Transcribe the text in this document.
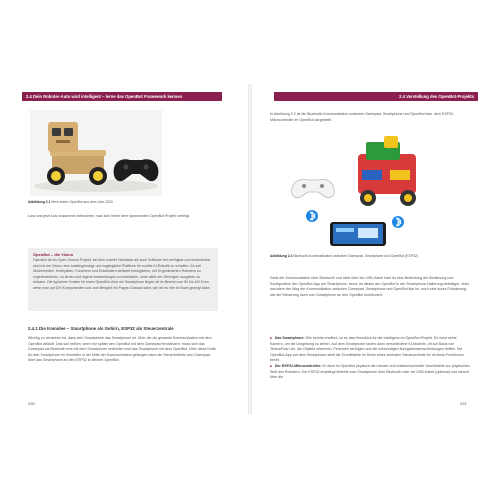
2.4 Dein Roboter-Auto wird intelligent – lerne das OpenBot Framework kennen
Abbildung 2.1 Mein erster OpenBot aus dem Jahr 2020
Lass uns jetzt kurz zusammen betrachten, was sich hinter dem spannenden OpenBot Projekt verbirgt.
OpenBot – die Vision
OpenBot ist ein Open-Source-Projekt, bei dem sowohl Hardware als auch Software frei verfügbar und veränderbar sind mit der Vision, eine kostengünstige und zugängliche Plattform für mobile KI-Robotik zu schaffen. Es soll Studierenden, Hobbyisten, Forschern und Entwicklern weltweit ermöglichen, mit KI-gesteuerten Robotern zu experimentieren, zu lernen und eigene Anwendungen zu entwickeln, ohne dafür ein Vermögen ausgeben zu müssen. Die typischen Kosten für einen OpenBot ohne ein Smartphone liegen oft im Bereich von 50 bis 100 Euro, wenn man auf DIY-Komponenten und zum Beispiel ein Pappe-Chassis setzt, wie ich es hier im Buch gezeigt habe.
2.4.1 Die Komidee – Smartphone als Gehirn, ESP32 als Steuerzentrale
Wichtig zu verstehen ist, dass dein Smartphone das Smartphone ist. Über die die gesamte Kommunikation mit dem OpenBot abläuft. Das soll heißen, wenn wir später den OpenBot mit dem Gamepad fernsteuern, muss sich das Gamepad via Bluetooth erst mit dem Smartphone verbinden und das Smartphone mit dem OpenBot. Über diese Kette ist dein Smartphone im Vermittler in der Mitte der Kommunikation gelangen dann die Steuerbefehle vom Gamepad über das Smartphone an den ESP32 in deinem OpenBot.
290
2.4 Vorstellung des OpenBot-Projekts
In Abbildung 2.2 ist die Bluetooth-Kommunikation zwischen Gamepad, Smartphone und OpenBot bzw. dem ESP32-Mikrocontroller im OpenBot dargestellt.
Abbildung 2.2 Bluetooth-Kommunikation zwischen Gamepad, Smartphone und OpenBot (ESP32)
Dank der Kommunikation über Bluetooth und nicht über ein USB-Kabel hast du eine Bedeutung der Bedienung und Konfiguration der OpenBot-App am Smartphone, bevor du dieses am OpenBot in der Smartphone-Halterung befestigst. Jetzt, nachdem der Weg der Kommunikation zwischen Gamepad, Smartphone und OpenBot klar ist, noch eine kurze Erläuterung, wie die Steuerung dann vom Smartphone an den OpenBot funktioniert.
■ Das Smartphone: Wie bereits erwähnt, ist es das Herzstück für die Intelligenz im OpenBot-Projekt. Es nutzt seine Kamera, um die Umgebung zu sehen. Auf dem Smartphone laufen dann verschiedene KI-Modelle, oft auf Basis von TensorFlow Lite, die Objekte erkennen, Personen verfolgen und die notwendigen Navigationsentscheidungen treffen. Die OpenBot-App auf dem Smartphone stellt die Schnittstelle im Sinne eines zentralen Steuerzentrale für all diese Funktionen bereit.
■ Der ESP32-Mikrocontroller: Er dient im OpenBot physisch als robuste und reaktionsschnelle Schnittstelle zur physischen Welt des Roboters. Der ESP32 empfängt Befehle vom Smartphone über Bluetooth oder ein USB-Kabel (optional) und steuert über die
291
